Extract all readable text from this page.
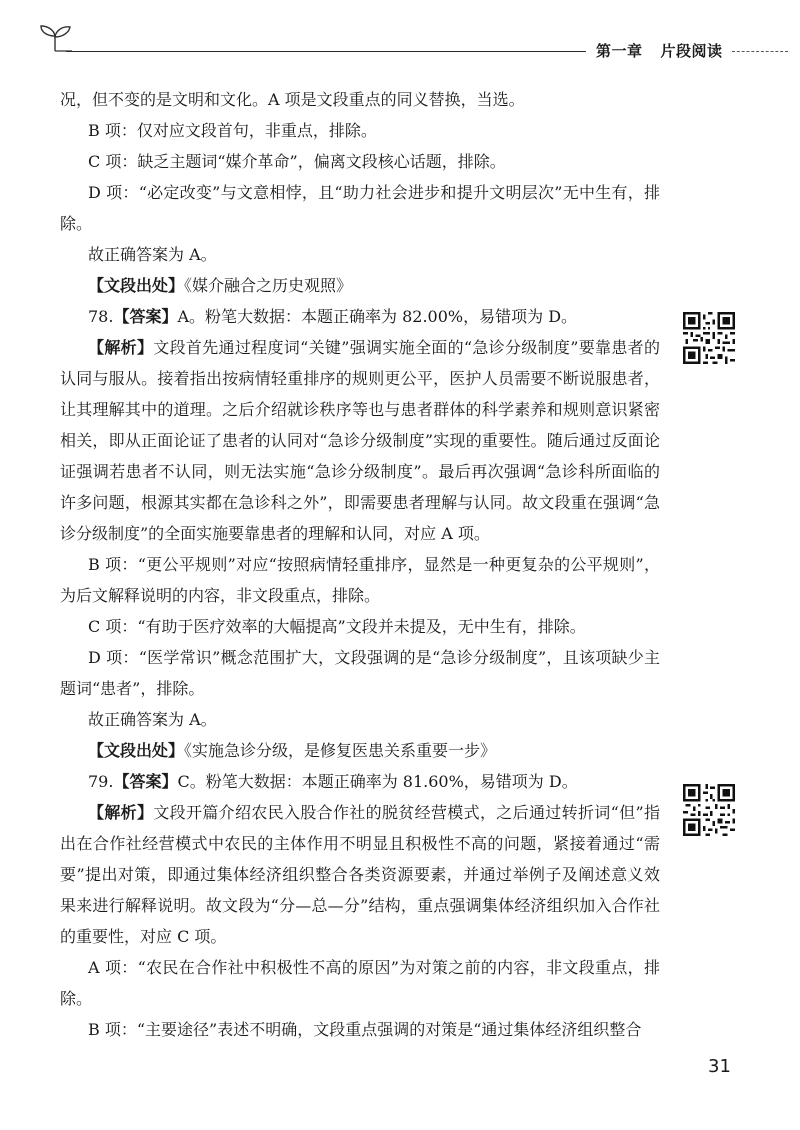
第一章 片段阅读

况，但不变的是文明和文化。A 项是文段重点的同义替换，当选。

B 项：仅对应文段首句，非重点，排除。

C 项：缺乏主题词“媒介革命”，偏离文段核心话题，排除。

D 项：“必定改变”与文意相悖，且“助力社会进步和提升文明层次”无中生有，排除。

故正确答案为 A。

【文段出处】《媒介融合之历史观照》

78.【答案】A。粉笔大数据：本题正确率为 82.00%，易错项为 D。

【解析】文段首先通过程度词“关键”强调实施全面的“急诊分级制度”要靠患者的认同与服从。接着指出按病情轻重排序的规则更公平，医护人员需要不断说服患者，让其理解其中的道理。之后介绍就诊秩序等也与患者群体的科学素养和规则意识紧密相关，即从正面论证了患者的认同对“急诊分级制度”实现的重要性。随后通过反面论证强调若患者不认同，则无法实施“急诊分级制度”。最后再次强调“急诊科所面临的许多问题，根源其实都在急诊科之外”，即需要患者理解与认同。故文段重在强调“急诊分级制度”的全面实施要靠患者的理解和认同，对应 A 项。

B 项：“更公平规则”对应“按照病情轻重排序，显然是一种更复杂的公平规则”，为后文解释说明的内容，非文段重点，排除。

C 项：“有助于医疗效率的大幅提高”文段并未提及，无中生有，排除。

D 项：“医学常识”概念范围扩大，文段强调的是“急诊分级制度”，且该项缺少主题词“患者”，排除。

故正确答案为 A。

【文段出处】《实施急诊分级，是修复医患关系重要一步》

79.【答案】C。粉笔大数据：本题正确率为 81.60%，易错项为 D。

【解析】文段开篇介绍农民入股合作社的脱贫经营模式，之后通过转折词“但”指出在合作社经营模式中农民的主体作用不明显且积极性不高的问题，紧接着通过“需要”提出对策，即通过集体经济组织整合各类资源要素，并通过举例子及阐述意义效果来进行解释说明。故文段为“分—总—分”结构，重点强调集体经济组织加入合作社的重要性，对应 C 项。

A 项：“农民在合作社中积极性不高的原因”为对策之前的内容，非文段重点，排除。

B 项：“主要途径”表述不明确，文段重点强调的对策是“通过集体经济组织整合

31
